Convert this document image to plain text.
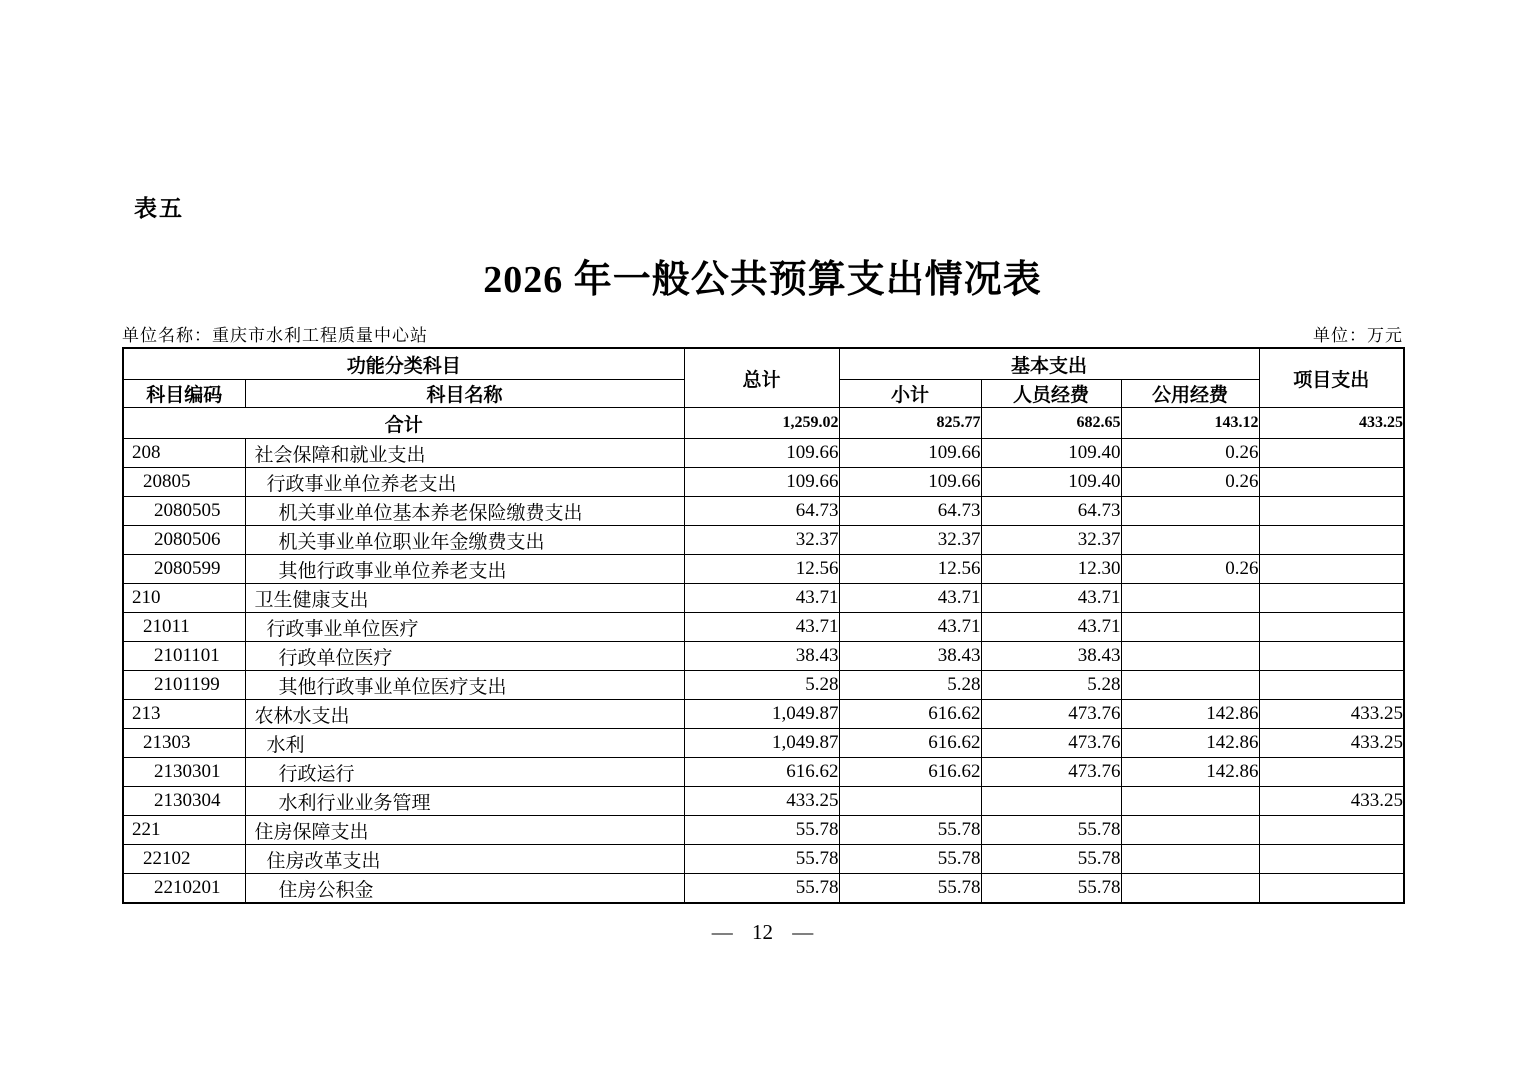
表五
2026 年一般公共预算支出情况表
单位名称：重庆市水利工程质量中心站	单位：万元
功能分类科目		总计	基本支出			项目支出
科目编码	科目名称		小计	人员经费	公用经费	
合计		1,259.02	825.77	682.65	143.12	433.25
208	社会保障和就业支出	109.66	109.66	109.40	0.26	
20805	行政事业单位养老支出	109.66	109.66	109.40	0.26	
2080505	机关事业单位基本养老保险缴费支出	64.73	64.73	64.73		
2080506	机关事业单位职业年金缴费支出	32.37	32.37	32.37		
2080599	其他行政事业单位养老支出	12.56	12.56	12.30	0.26	
210	卫生健康支出	43.71	43.71	43.71		
21011	行政事业单位医疗	43.71	43.71	43.71		
2101101	行政单位医疗	38.43	38.43	38.43		
2101199	其他行政事业单位医疗支出	5.28	5.28	5.28		
213	农林水支出	1,049.87	616.62	473.76	142.86	433.25
21303	水利	1,049.87	616.62	473.76	142.86	433.25
2130301	行政运行	616.62	616.62	473.76	142.86	
2130304	水利行业业务管理	433.25				433.25
221	住房保障支出	55.78	55.78	55.78		
22102	住房改革支出	55.78	55.78	55.78		
2210201	住房公积金	55.78	55.78	55.78		
— 12 —
